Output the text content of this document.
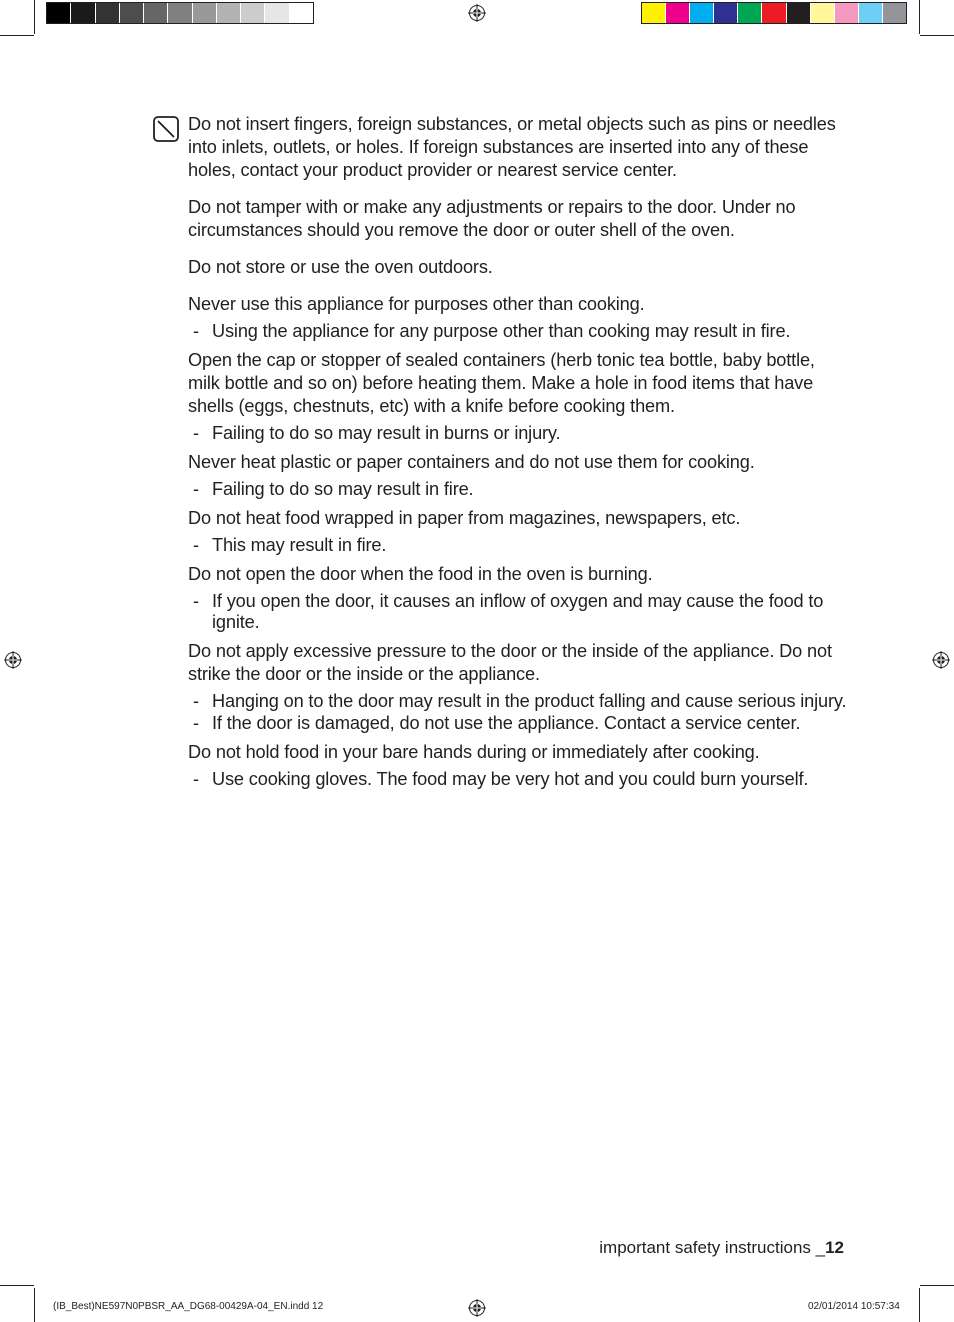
Do not insert fingers, foreign substances, or metal objects such as pins or needles into inlets, outlets, or holes. If foreign substances are inserted into any of these holes, contact your product provider or nearest service center.

Do not tamper with or make any adjustments or repairs to the door. Under no circumstances should you remove the door or outer shell of the oven.

Do not store or use the oven outdoors.

Never use this appliance for purposes other than cooking.

- Using the appliance for any purpose other than cooking may result in fire.

Open the cap or stopper of sealed containers (herb tonic tea bottle, baby bottle, milk bottle and so on) before heating them. Make a hole in food items that have shells (eggs, chestnuts, etc) with a knife before cooking them.

- Failing to do so may result in burns or injury.

Never heat plastic or paper containers and do not use them for cooking.

- Failing to do so may result in fire.

Do not heat food wrapped in paper from magazines, newspapers, etc.

- This may result in fire.

Do not open the door when the food in the oven is burning.

- If you open the door, it causes an inflow of oxygen and may cause the food to ignite.

Do not apply excessive pressure to the door or the inside of the appliance. Do not strike the door or the inside or the appliance.

- Hanging on to the door may result in the product falling and cause serious injury.
- If the door is damaged, do not use the appliance. Contact a service center.

Do not hold food in your bare hands during or immediately after cooking.

- Use cooking gloves. The food may be very hot and you could burn yourself.
important safety instructions _12
(IB_Best)NE597N0PBSR_AA_DG68-00429A-04_EN.indd 12	02/01/2014 10:57:34
